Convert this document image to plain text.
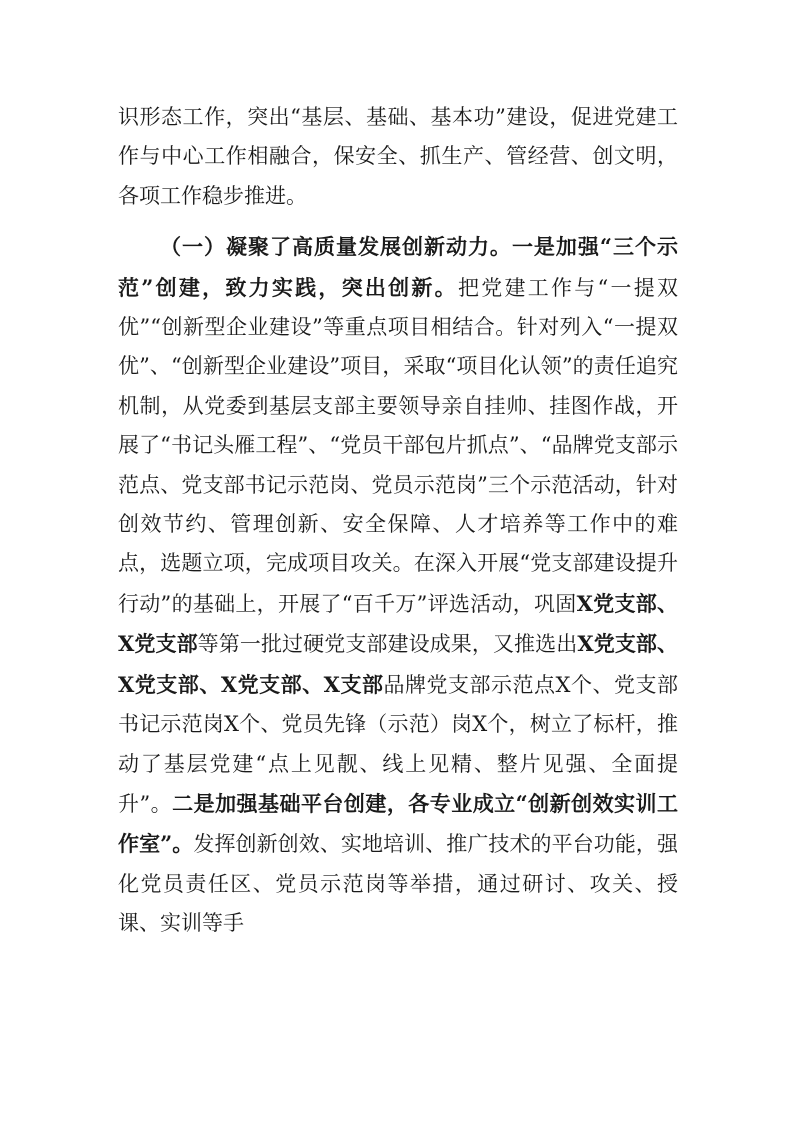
识形态工作，突出“基层、基础、基本功”建设，促进党建工作与中心工作相融合，保安全、抓生产、管经营、创文明，各项工作稳步推进。

（一）凝聚了高质量发展创新动力。一是加强“三个示范”创建，致力实践，突出创新。把党建工作与“一提双优”“创新型企业建设”等重点项目相结合。针对列入“一提双优”、“创新型企业建设”项目，采取“项目化认领”的责任追究机制，从党委到基层支部主要领导亲自挂帅、挂图作战，开展了“书记头雁工程”、“党员干部包片抓点”、“品牌党支部示范点、党支部书记示范岗、党员示范岗”三个示范活动，针对创效节约、管理创新、安全保障、人才培养等工作中的难点，选题立项，完成项目攻关。在深入开展“党支部建设提升行动”的基础上，开展了“百千万”评选活动，巩固X党支部、X党支部等第一批过硬党支部建设成果，又推选出X党支部、X党支部、X党支部、X支部品牌党支部示范点X个、党支部书记示范岗X个、党员先锋（示范）岗X个，树立了标杆，推动了基层党建“点上见靓、线上见精、整片见强、全面提升”。二是加强基础平台创建，各专业成立“创新创效实训工作室”。发挥创新创效、实地培训、推广技术的平台功能，强化党员责任区、党员示范岗等举措，通过研讨、攻关、授课、实训等手
